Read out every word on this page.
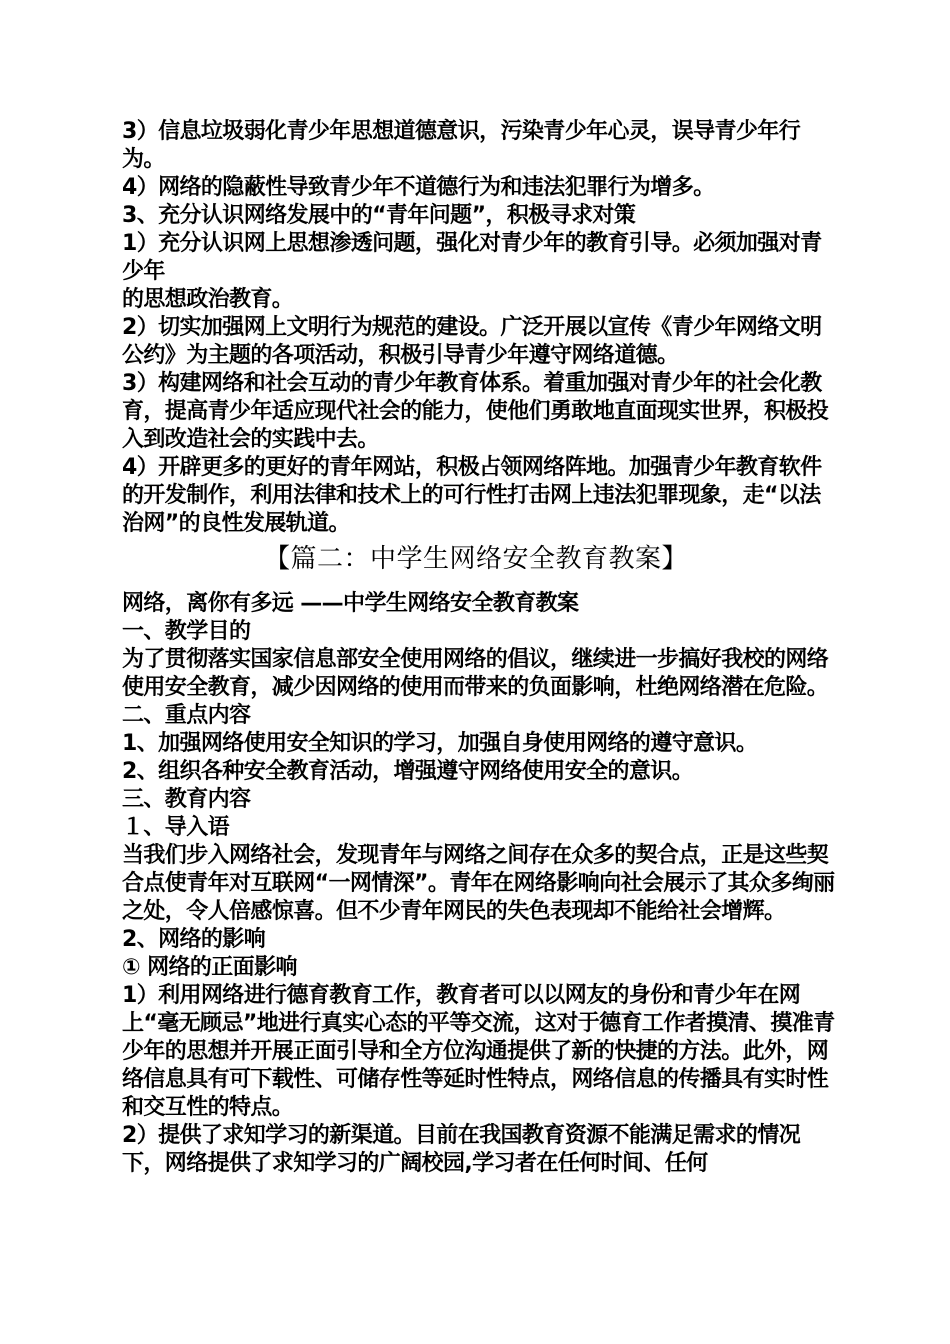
3）信息垃圾弱化青少年思想道德意识，污染青少年心灵，误导青少年行为。

4）网络的隐蔽性导致青少年不道德行为和违法犯罪行为增多。

3、充分认识网络发展中的“青年问题”，积极寻求对策

1）充分认识网上思想渗透问题，强化对青少年的教育引导。必须加强对青少年

的思想政治教育。

2）切实加强网上文明行为规范的建设。广泛开展以宣传《青少年网络文明公约》为主题的各项活动，积极引导青少年遵守网络道德。

3）构建网络和社会互动的青少年教育体系。着重加强对青少年的社会化教育，提高青少年适应现代社会的能力，使他们勇敢地直面现实世界，积极投入到改造社会的实践中去。

4）开辟更多的更好的青年网站，积极占领网络阵地。加强青少年教育软件的开发制作，利用法律和技术上的可行性打击网上违法犯罪现象，走“以法治网”的良性发展轨道。

【篇二：中学生网络安全教育教案】

网络，离你有多远 ——中学生网络安全教育教案

一、教学目的

为了贯彻落实国家信息部安全使用网络的倡议，继续进一步搞好我校的网络使用安全教育，减少因网络的使用而带来的负面影响，杜绝网络潜在危险。

二、重点内容

1、加强网络使用安全知识的学习，加强自身使用网络的遵守意识。

2、组织各种安全教育活动，增强遵守网络使用安全的意识。

三、教育内容

１、导入语

当我们步入网络社会，发现青年与网络之间存在众多的契合点，正是这些契合点使青年对互联网“一网情深”。青年在网络影响向社会展示了其众多绚丽之处，令人倍感惊喜。但不少青年网民的失色表现却不能给社会增辉。

2、网络的影响

① 网络的正面影响

1）利用网络进行德育教育工作，教育者可以以网友的身份和青少年在网上“毫无顾忌”地进行真实心态的平等交流，这对于德育工作者摸清、摸准青少年的思想并开展正面引导和全方位沟通提供了新的快捷的方法。此外，网络信息具有可下载性、可储存性等延时性特点，网络信息的传播具有实时性和交互性的特点。

2）提供了求知学习的新渠道。目前在我国教育资源不能满足需求的情况下，网络提供了求知学习的广阔校园,学习者在任何时间、任何
